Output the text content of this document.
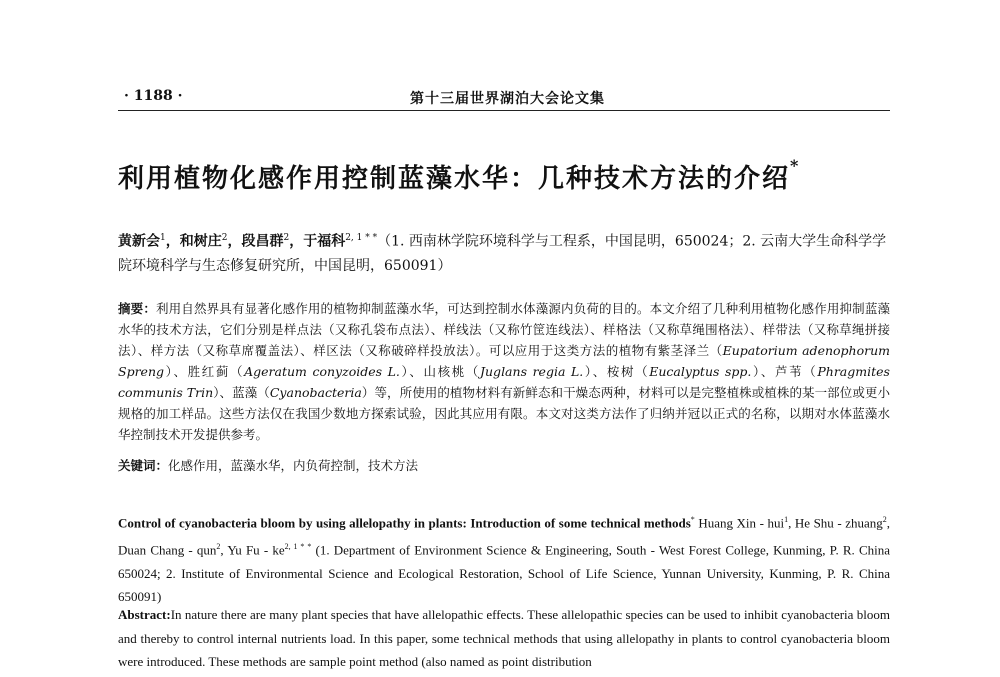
· 1188 ·	第十三届世界湖泊大会论文集
利用植物化感作用控制蓝藻水华：几种技术方法的介绍*
黄新会$^1$，和树庄$^2$，段昌群$^2$，于福科$^{2, 1 * *}$（1. 西南林学院环境科学与工程系，中国昆明，650024；2. 云南大学生命科学学院环境科学与生态修复研究所，中国昆明，650091）
摘要：利用自然界具有显著化感作用的植物抑制蓝藻水华，可达到控制水体藻源内负荷的目的。本文介绍了几种利用植物化感作用抑制蓝藻水华的技术方法，它们分别是样点法（又称孔袋布点法）、样线法（又称竹筐连线法）、样格法（又称草绳围格法）、样带法（又称草绳拼接法）、样方法（又称草席覆盖法）、样区法（又称破碎样投放法）。可以应用于这类方法的植物有紫茎泽兰（Eupatorium adenophorum Spreng）、胜红蓟（Ageratum conyzoides L.）、山核桃（Juglans regia L.）、桉树（Eucalyptus spp.）、芦苇（Phragmites communis Trin）、蓝藻（Cyanobacteria）等，所使用的植物材料有新鲜态和干燥态两种，材料可以是完整植株或植株的某一部位或更小规格的加工样品。这些方法仅在我国少数地方探索试验，因此其应用有限。本文对这类方法作了归纳并冠以正式的名称，以期对水体蓝藻水华控制技术开发提供参考。
关键词：化感作用，蓝藻水华，内负荷控制，技术方法
Control of cyanobacteria bloom by using allelopathy in plants: Introduction of some technical methods* Huang Xin - hui$^1$, He Shu - zhuang$^2$, Duan Chang - qun$^2$, Yu Fu - $ke^{2, 1 * *}$ (1. Department of Environment Science & Engineering, South - West Forest College, Kunming, P. R. China 650024; 2. Institute of Environmental Science and Ecological Restoration, School of Life Science, Yunnan University, Kunming, P. R. China 650091)
Abstract:In nature there are many plant species that have allelopathic effects. These allelopathic species can be used to inhibit cyanobacteria bloom and thereby to control internal nutrients load. In this paper, some technical methods that using allelopathy in plants to control cyanobacteria bloom were introduced. These methods are sample point method (also named as point distribution
